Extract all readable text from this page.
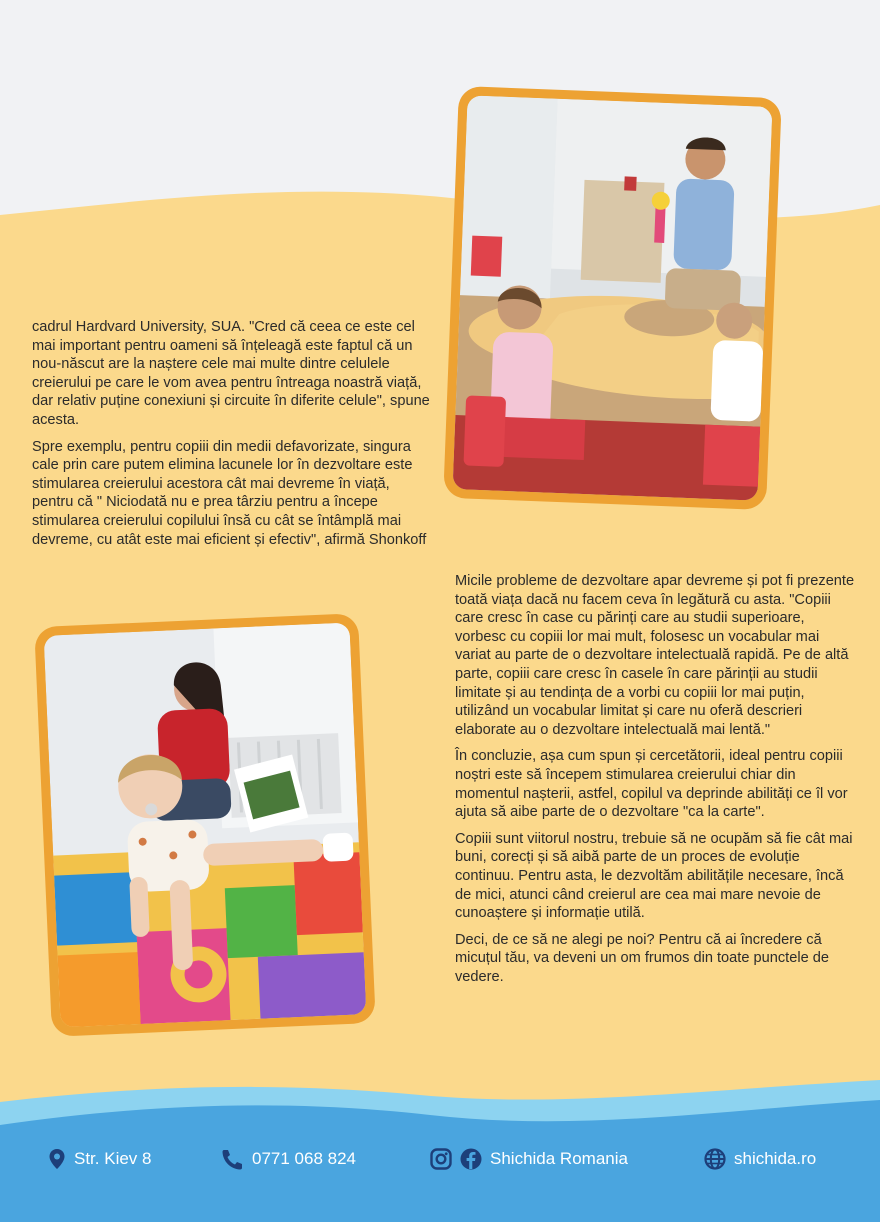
cadrul Hardvard University, SUA. "Cred că ceea ce este cel mai important pentru oameni să înțeleagă este faptul că un nou-născut are la naștere cele mai multe dintre celulele creierului pe care le vom avea pentru întreaga noastră viață, dar relativ puține conexiuni și circuite în diferite celule", spune acesta.

Spre exemplu, pentru copiii din medii defavorizate, singura cale prin care putem elimina lacunele lor în dezvoltare este stimularea creierului acestora cât mai devreme în viață, pentru că " Niciodată nu e prea târziu pentru a începe stimularea creierului copilului însă cu cât se întâmplă mai devreme, cu atât este mai eficient și efectiv", afirmă Shonkoff

Micile probleme de dezvoltare apar devreme și pot fi prezente toată viața dacă nu facem ceva în legătură cu asta. "Copiii care cresc în case cu părinți care au studii superioare, vorbesc cu copiii lor mai mult, folosesc un vocabular mai variat au parte de o dezvoltare intelectuală rapidă. Pe de altă parte, copiii care cresc în casele în care părinții au studii limitate și au tendința de a vorbi cu copiii lor mai puțin, utilizând un vocabular limitat și care nu oferă descrieri elaborate au o dezvoltare intelectuală mai lentă."

În concluzie, așa cum spun și cercetătorii, ideal pentru copiii noștri este să începem stimularea creierului chiar din momentul nașterii, astfel, copilul va deprinde abilități ce îl vor ajuta să aibe parte de o dezvoltare "ca la carte".

Copiii sunt viitorul nostru, trebuie să ne ocupăm să fie cât mai buni, corecți și să aibă parte de un proces de evoluție continuu. Pentru asta, le dezvoltăm abilitățile necesare, încă de mici, atunci când creierul are cea mai mare nevoie de cunoaștere și informație utilă.

Deci, de ce să ne alegi pe noi? Pentru că ai încredere că micuțul tău, va deveni un om frumos din toate punctele de vedere.

Str. Kiev 8	0771 068 824	Shichida Romania	shichida.ro
